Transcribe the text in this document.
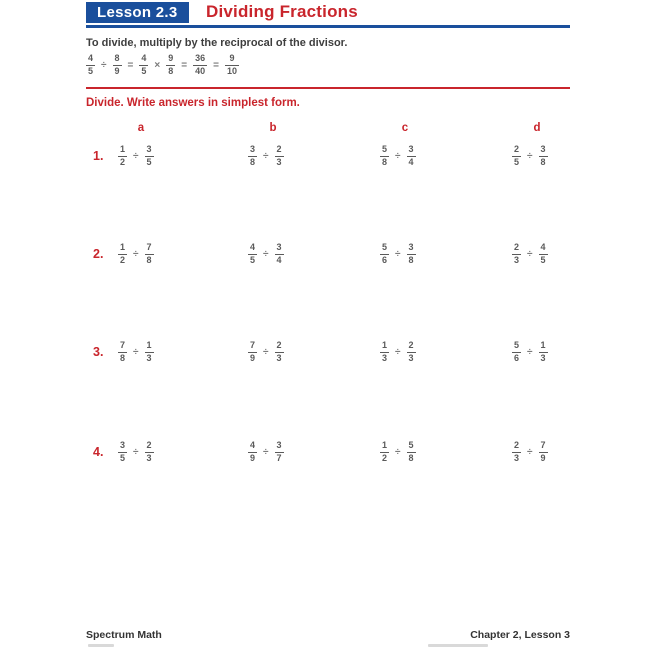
Lesson 2.3	Dividing Fractions
To divide, multiply by the reciprocal of the divisor.
$\frac{4}{5} \div \frac{8}{9} = \frac{4}{5} \times \frac{9}{8} = \frac{36}{40} = \frac{9}{10}$
Divide. Write answers in simplest form.
a	b	c	d
1. $\frac{1}{2} \div \frac{3}{5}$	$\frac{3}{8} \div \frac{2}{3}$	$\frac{5}{8} \div \frac{3}{4}$	$\frac{2}{5} \div \frac{3}{8}$
2. $\frac{1}{2} \div \frac{7}{8}$	$\frac{4}{5} \div \frac{3}{4}$	$\frac{5}{6} \div \frac{3}{8}$	$\frac{2}{3} \div \frac{4}{5}$
3. $\frac{7}{8} \div \frac{1}{3}$	$\frac{7}{9} \div \frac{2}{3}$	$\frac{1}{3} \div \frac{2}{3}$	$\frac{5}{6} \div \frac{1}{3}$
4. $\frac{3}{5} \div \frac{2}{3}$	$\frac{4}{9} \div \frac{3}{7}$	$\frac{1}{2} \div \frac{5}{8}$	$\frac{2}{3} \div \frac{7}{9}$
Spectrum Math	Chapter 2, Lesson 3
